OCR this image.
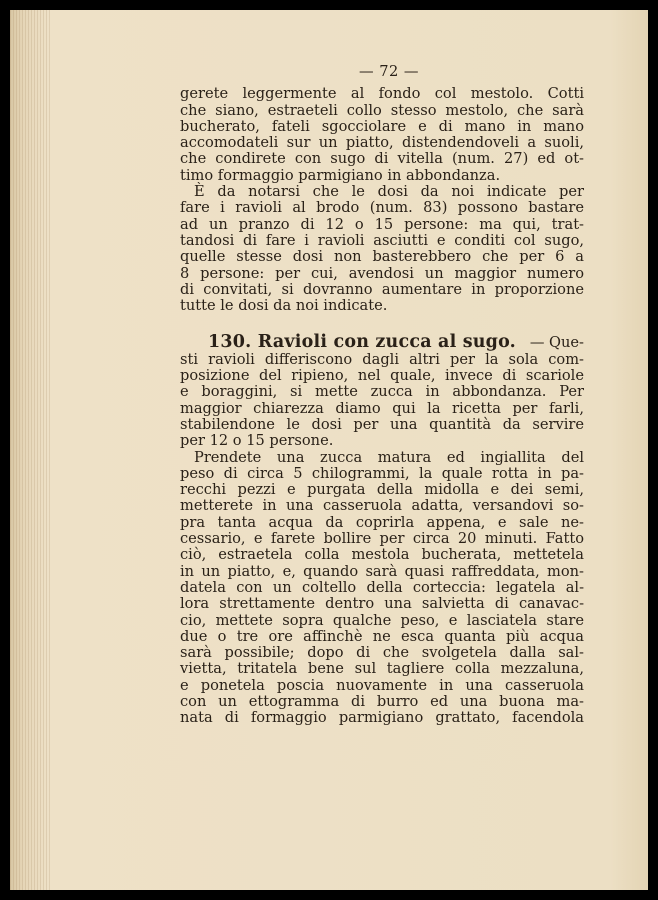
— 72 —
gerete leggermente al fondo col mestolo. Cotti
che siano, estraeteli collo stesso mestolo, che sarà
bucherato, fateli sgocciolare e di mano in mano
accomodateli sur un piatto, distendendoveli a suoli,
che condirete con sugo di vitella (num. 27) ed ot-
timo formaggio parmigiano in abbondanza.
È da notarsi che le dosi da noi indicate per
fare i ravioli al brodo (num. 83) possono bastare
ad un pranzo di 12 o 15 persone: ma qui, trat-
tandosi di fare i ravioli asciutti e conditi col sugo,
quelle stesse dosi non basterebbero che per 6 a
8 persone: per cui, avendosi un maggior numero
di convitati, si dovranno aumentare in proporzione
tutte le dosi da noi indicate.
130. Ravioli con zucca al sugo. — Que-
sti ravioli differiscono dagli altri per la sola com-
posizione del ripieno, nel quale, invece di scariole
e boraggini, si mette zucca in abbondanza. Per
maggior chiarezza diamo qui la ricetta per farli,
stabilendone le dosi per una quantità da servire
per 12 o 15 persone.
Prendete una zucca matura ed ingiallita del
peso di circa 5 chilogrammi, la quale rotta in pa-
recchi pezzi e purgata della midolla e dei semi,
metterete in una casseruola adatta, versandovi so-
pra tanta acqua da coprirla appena, e sale ne-
cessario, e farete bollire per circa 20 minuti. Fatto
ciò, estraetela colla mestola bucherata, mettetela
in un piatto, e, quando sarà quasi raffreddata, mon-
datela con un coltello della corteccia: legatela al-
lora strettamente dentro una salvietta di canavac-
cio, mettete sopra qualche peso, e lasciatela stare
due o tre ore affinchè ne esca quanta più acqua
sarà possibile; dopo di che svolgetela dalla sal-
vietta, tritatela bene sul tagliere colla mezzaluna,
e ponetela poscia nuovamente in una casseruola
con un ettogramma di burro ed una buona ma-
nata di formaggio parmigiano grattato, facendola
